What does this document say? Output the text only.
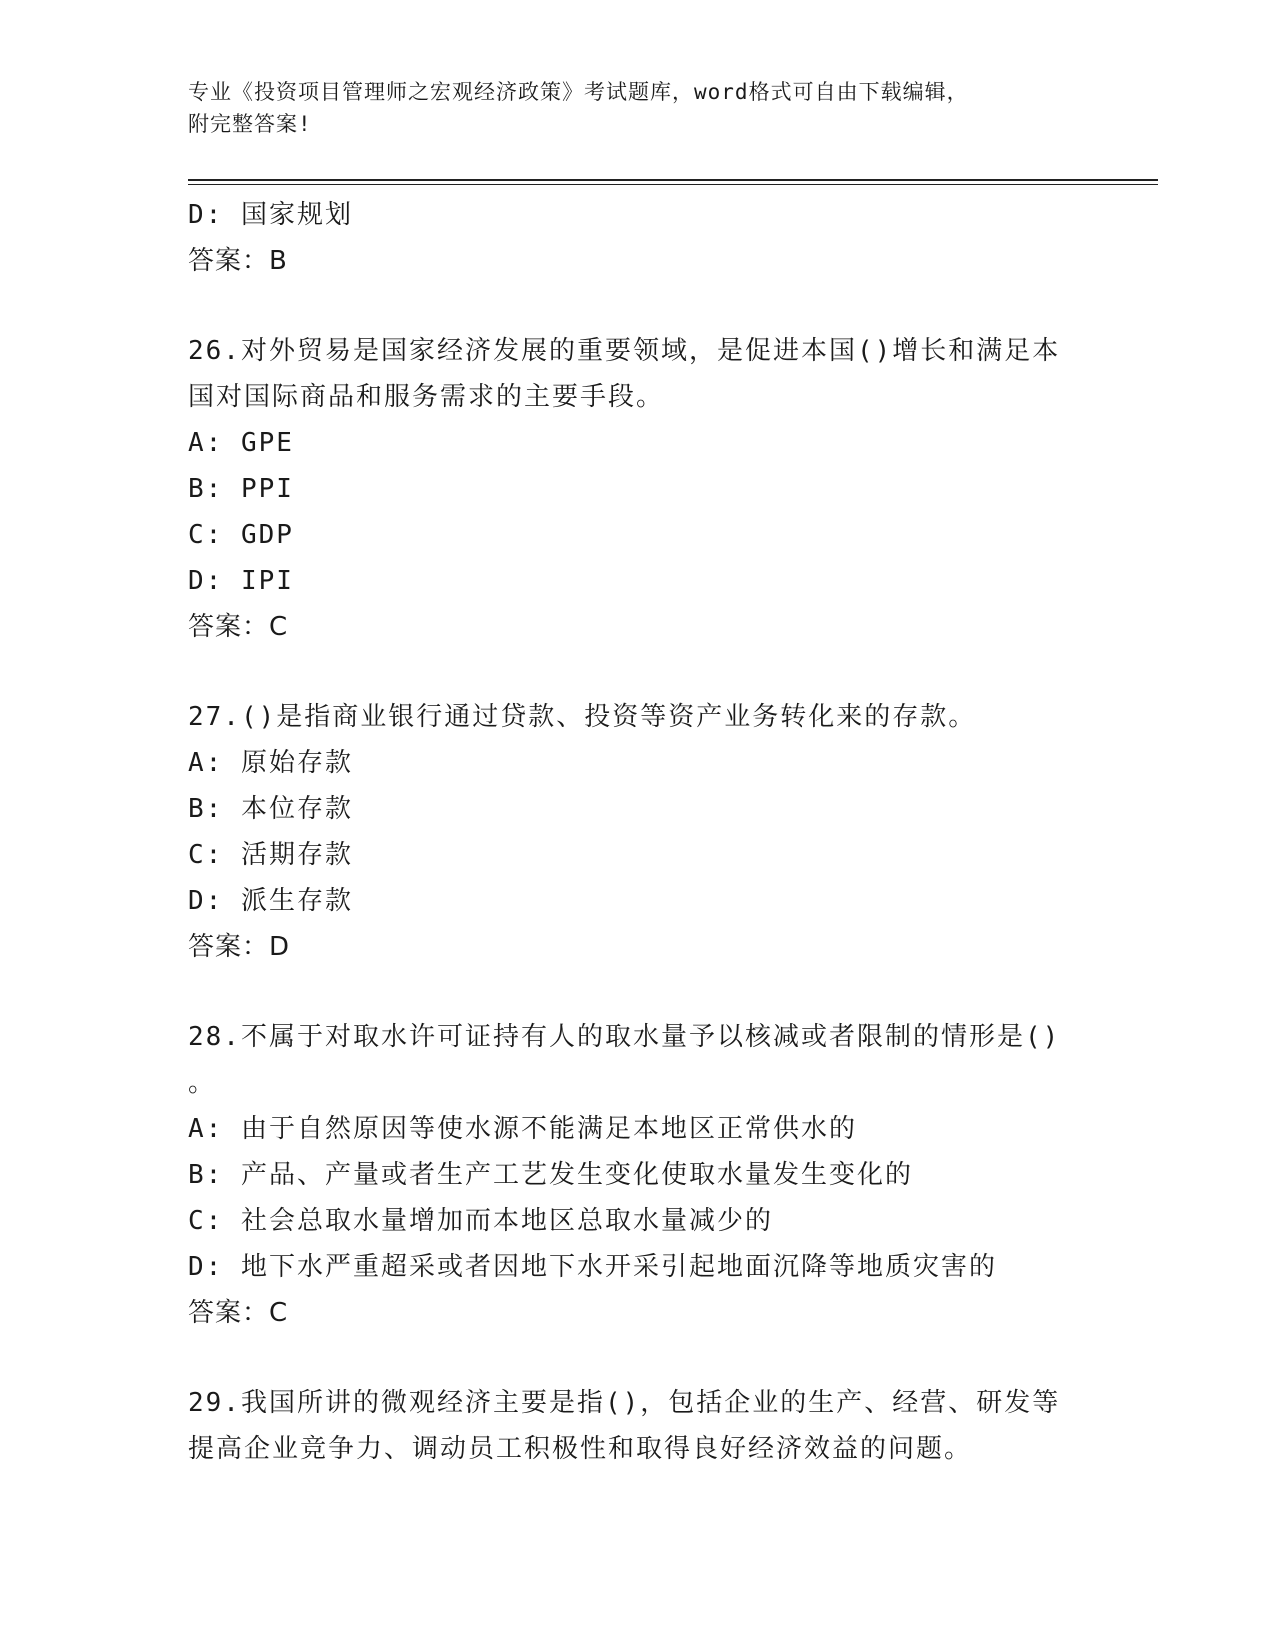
专业《投资项目管理师之宏观经济政策》考试题库，word格式可自由下载编辑，
附完整答案!
D: 国家规划
答案：B
26.对外贸易是国家经济发展的重要领域，是促进本国()增长和满足本
国对国际商品和服务需求的主要手段。
A: GPE
B: PPI
C: GDP
D: IPI
答案：C
27.()是指商业银行通过贷款、投资等资产业务转化来的存款。
A: 原始存款
B: 本位存款
C: 活期存款
D: 派生存款
答案：D
28.不属于对取水许可证持有人的取水量予以核减或者限制的情形是()
。
A: 由于自然原因等使水源不能满足本地区正常供水的
B: 产品、产量或者生产工艺发生变化使取水量发生变化的
C: 社会总取水量增加而本地区总取水量减少的
D: 地下水严重超采或者因地下水开采引起地面沉降等地质灾害的
答案：C
29.我国所讲的微观经济主要是指()，包括企业的生产、经营、研发等
提高企业竞争力、调动员工积极性和取得良好经济效益的问题。
